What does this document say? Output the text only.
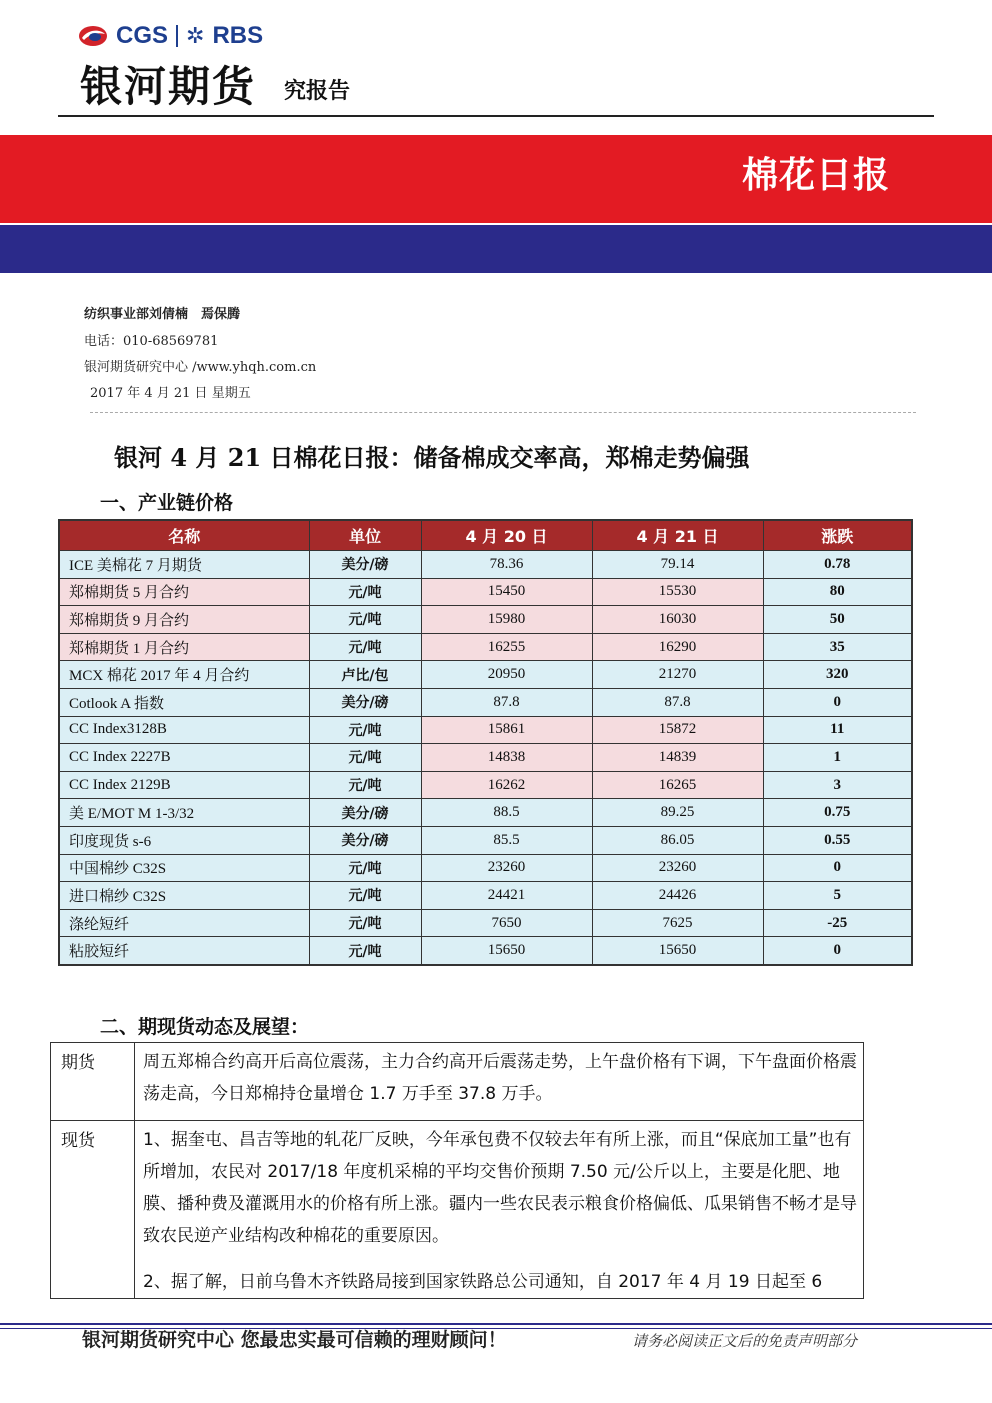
CGS ✲ RBS
银河期货 究报告
棉花日报
纺织事业部刘倩楠　焉保腾
电话：010-68569781
银河期货研究中心 /www.yhqh.com.cn
2017 年 4 月 21 日 星期五
银河 4 月 21 日棉花日报：储备棉成交率高，郑棉走势偏强
一、产业链价格
名称	单位	4 月 20 日	4 月 21 日	涨跌
ICE 美棉花 7 月期货	美分/磅	78.36	79.14	0.78
郑棉期货 5 月合约	元/吨	15450	15530	80
郑棉期货 9 月合约	元/吨	15980	16030	50
郑棉期货 1 月合约	元/吨	16255	16290	35
MCX 棉花 2017 年 4 月合约	卢比/包	20950	21270	320
Cotlook A 指数	美分/磅	87.8	87.8	0
CC Index3128B	元/吨	15861	15872	11
CC Index 2227B	元/吨	14838	14839	1
CC Index 2129B	元/吨	16262	16265	3
美 E/MOT M 1-3/32	美分/磅	88.5	89.25	0.75
印度现货 s-6	美分/磅	85.5	86.05	0.55
中国棉纱 C32S	元/吨	23260	23260	0
进口棉纱 C32S	元/吨	24421	24426	5
涤纶短纤	元/吨	7650	7625	-25
粘胶短纤	元/吨	15650	15650	0
二、期现货动态及展望：
期货	周五郑棉合约高开后高位震荡，主力合约高开后震荡走势，上午盘价格有下调，下午盘面价格震荡走高，今日郑棉持仓量增仓 1.7 万手至 37.8 万手。

现货	1、据奎屯、昌吉等地的轧花厂反映，今年承包费不仅较去年有所上涨，而且“保底加工量”也有所增加，农民对 2017/18 年度机采棉的平均交售价预期 7.50 元/公斤以上，主要是化肥、地膜、播种费及灌溉用水的价格有所上涨。疆内一些农民表示粮食价格偏低、瓜果销售不畅才是导致农民逆产业结构改种棉花的重要原因。

2、据了解，日前乌鲁木齐铁路局接到国家铁路总公司通知，自 2017 年 4 月 19 日起至 6

银河期货研究中心 您最忠实最可信赖的理财顾问！	请务必阅读正文后的免责声明部分
